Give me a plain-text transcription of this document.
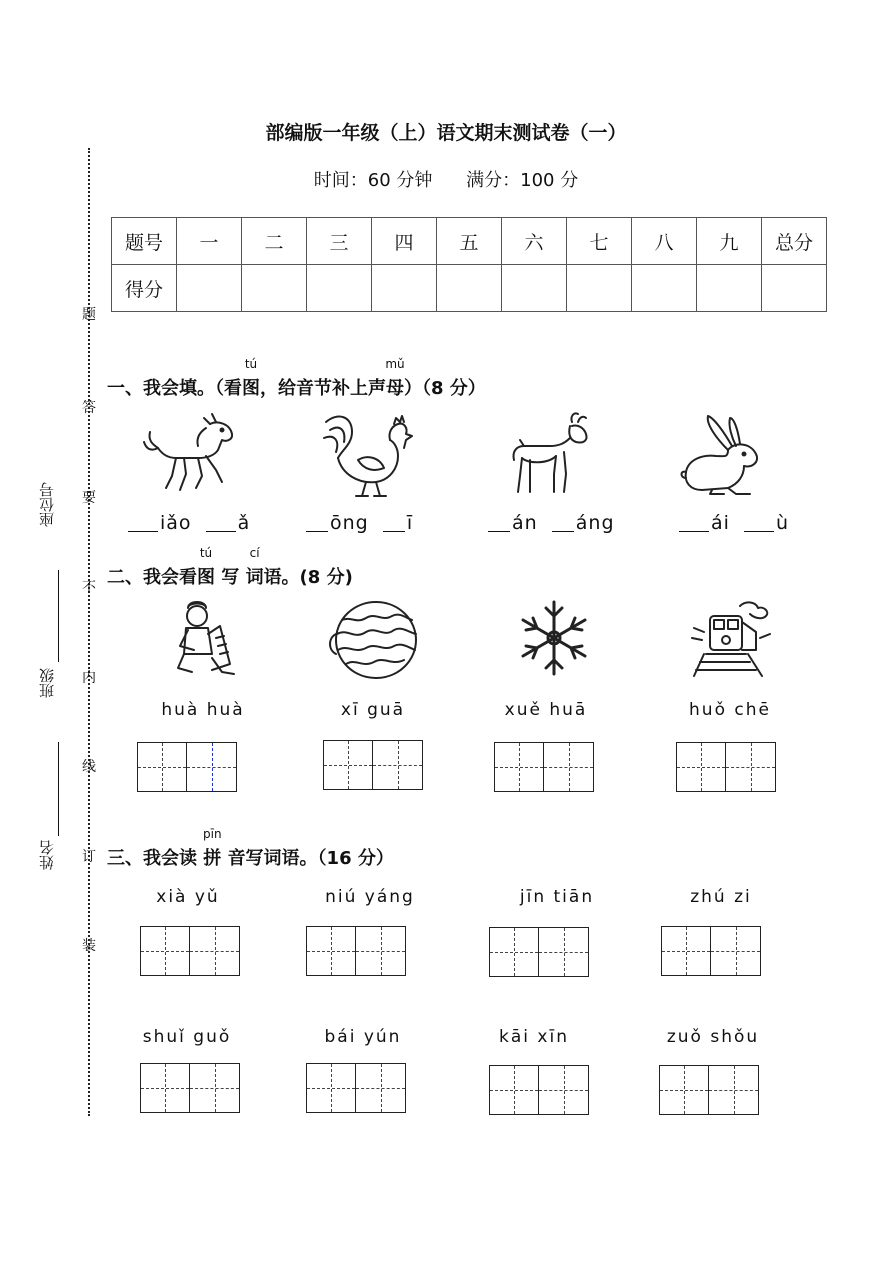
部编版一年级（上）语文期末测试卷（一）
时间：60 分钟 满分：100 分
题号	一	二	三	四	五	六	七	八	九	总分
得分										
题
答
要
不
内
线
订
装
座位号
班级
姓名
一、我会填。（看
tú
图，给音节补上声
mǔ
母）（8 分）
iǎo ǎ	ōng ī	án áng	ái ù
二、我会看
tú
图 写
cí
词语。(8 分)
huà huà	xī guā	xuě huā	huǒ chē
三、我会读
pīn
拼 音写词语。（16 分）
xià yǔ	niú yáng	jīn tiān	zhú zi
shuǐ guǒ	bái yún	kāi xīn	zuǒ shǒu
